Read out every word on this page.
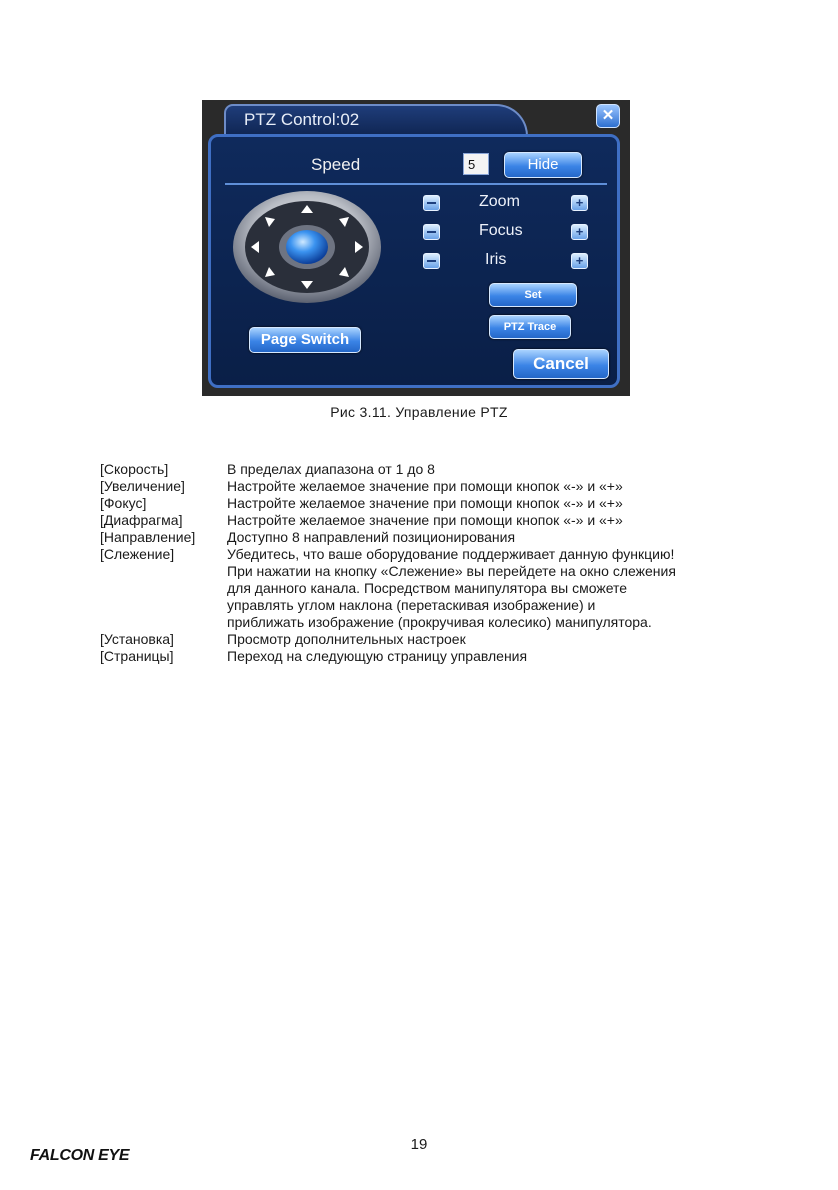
PTZ Control:02	✕
Speed	5	Hide
Zoom	+
Focus	+
Iris	+
Set
PTZ Trace
Page Switch
Cancel
Рис 3.11. Управление PTZ
[Скорость]	В пределах диапазона от 1 до 8
[Увеличение]	Настройте желаемое значение при помощи кнопок «-» и «+»
[Фокус]	Настройте желаемое значение при помощи кнопок «-» и «+»
[Диафрагма]	Настройте желаемое значение при помощи кнопок «-» и «+»
[Направление]	Доступно 8 направлений позиционирования
[Слежение]	Убедитесь, что ваше оборудование поддерживает данную функцию!
При нажатии на кнопку «Слежение» вы перейдете на окно слежения
для данного канала. Посредством манипулятора вы сможете
управлять углом наклона (перетаскивая изображение) и
приближать изображение (прокручивая колесико) манипулятора.
[Установка]	Просмотр дополнительных настроек
[Страницы]	Переход на следующую страницу управления
19
FALCON EYE
